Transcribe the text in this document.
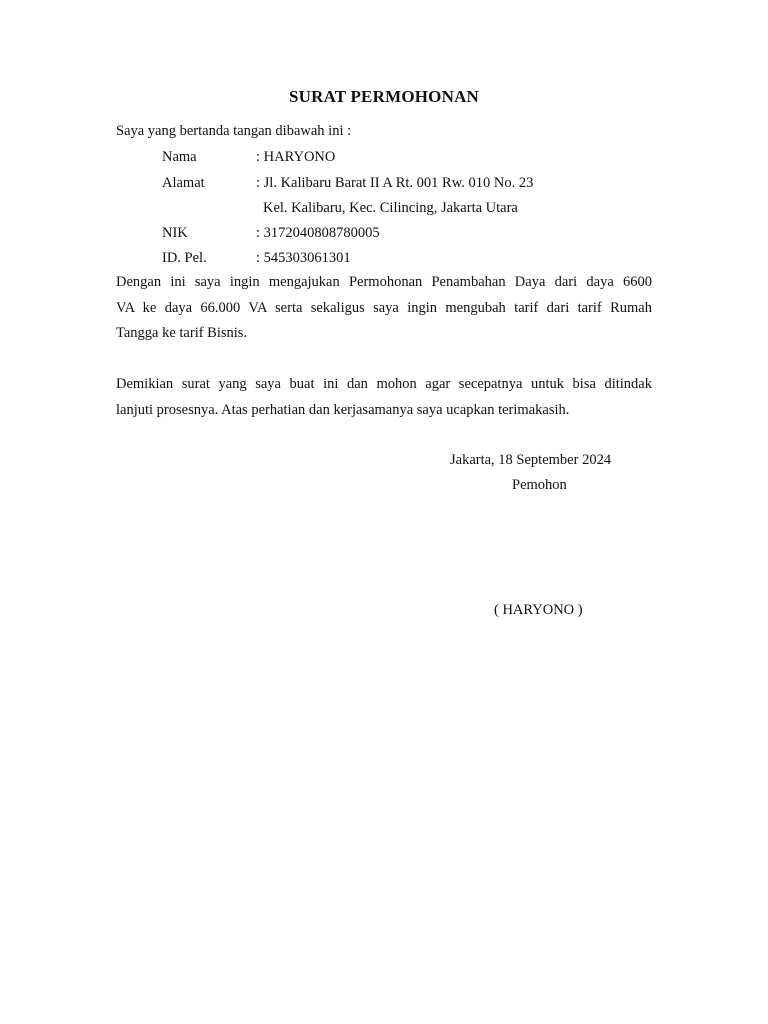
SURAT PERMOHONAN
Saya yang bertanda tangan dibawah ini :
Nama	: HARYONO
Alamat	: Jl. Kalibaru Barat II A Rt. 001 Rw. 010 No. 23
Kel. Kalibaru, Kec. Cilincing, Jakarta Utara
NIK	: 3172040808780005
ID. Pel.	: 545303061301
Dengan ini saya ingin mengajukan Permohonan Penambahan Daya dari daya 6600
VA ke daya 66.000 VA serta sekaligus saya ingin mengubah tarif dari tarif Rumah
Tangga ke tarif Bisnis.
Demikian surat yang saya buat ini dan mohon agar secepatnya untuk bisa ditindak
lanjuti prosesnya. Atas perhatian dan kerjasamanya saya ucapkan terimakasih.
Jakarta, 18 September 2024
Pemohon
( HARYONO )
